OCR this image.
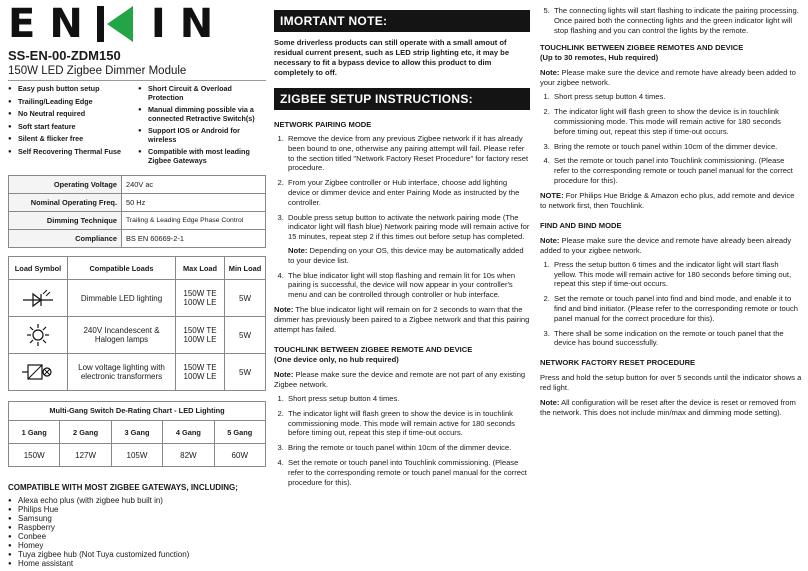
EN IN
SS-EN-00-ZDM150
150W LED Zigbee Dimmer Module
● Easy push button setup
● Trailing/Leading Edge
● No Neutral required
● Soft start feature
● Silent & flicker free
● Self Recovering Thermal Fuse
● Short Circuit & Overload Protection
● Manual dimming possible via a connected Retractive Switch(s)
● Support IOS or Android for wireless
● Compatible with most leading Zigbee Gateways
Operating Voltage	240V ac
Nominal Operating Freq.	50 Hz
Dimming Technique	Trailing & Leading Edge Phase Control
Compliance	BS EN 60669-2-1
Load Symbol	Compatible Loads	Max Load	Min Load

	Dimmable LED lighting	150W TE
100W LE	5W

	240V Incandescent & Halogen lamps	150W TE
100W LE	5W

	Low voltage lighting with electronic transformers	150W TE
100W LE	5W
Multi-Gang Switch De-Rating Chart - LED Lighting
1 Gang	2 Gang	3 Gang	4 Gang	5 Gang
150W	127W	105W	82W	60W
COMPATIBLE WITH MOST ZIGBEE GATEWAYS, INCLUDING;
● Alexa echo plus (with zigbee hub built in)
● Philips Hue
● Samsung
● Raspberry
● Conbee
● Homey
● Tuya zigbee hub (Not Tuya customized function)
● Home assistant
IMORTANT NOTE:
Some driverless products can still operate with a small amout of residual current present, such as LED strip lighting etc, it may be necessary to fit a bypass device to allow this product to dim completely to off.
ZIGBEE SETUP INSTRUCTIONS:
NETWORK PAIRING MODE
1. Remove the device from any previous Zigbee network if it has already been bound to one, otherwise any pairing attempt will fail. Please refer to the section titled "Network Factory Reset Procedure" for factory reset procedure.
2. From your Zigbee controller or Hub interface, choose add lighting device or dimmer device and enter Pairing Mode as instructed by the controller.
3. Double press setup button to activate the network pairing mode (The indicator light will flash blue) Network pairing mode will remain active for 15 minutes, repeat step 2 if this times out before setup has completed.
Note: Depending on your OS, this device may be automatically added to your device list.
4. The blue indicator light will stop flashing and remain lit for 10s when pairing is successful, the device will now appear in your controller's menu and can be controlled through controller or hub interface.
Note: The blue indicator light will remain on for 2 seconds to warn that the dimmer has previously been paired to a Zigbee network and that this pairing attempt has failed.
TOUCHLINK BETWEEN ZIGBEE REMOTE AND DEVICE
(One device only, no hub required)
Note: Please make sure the device and remote are not part of any existing Zigbee network.
1. Short press setup button 4 times.
2. The indicator light will flash green to show the device is in touchlink commissioning mode. This mode will remain active for 180 seconds before timing out, repeat this step if time-out occurs.
3. Bring the remote or touch panel within 10cm of the dimmer device.
4. Set the remote or touch panel into Touchlink commissioning. (Please refer to the corresponding remote or touch panel manual for the correct procedure for this).
5. The connecting lights will start flashing to indicate the pairing processing. Once paired both the connecting lights and the green indicator light will stop flashing and you can control the lights by the remote.
TOUCHLINK BETWEEN ZIGBEE REMOTES AND DEVICE
(Up to 30 remotes, Hub required)
Note: Please make sure the device and remote have already been added to your zigbee network.
1. Short press setup button 4 times.
2. The indicator light will flash green to show the device is in touchlink commissioning mode. This mode will remain active for 180 seconds before timing out, repeat this step if time-out occurs.
3. Bring the remote or touch panel within 10cm of the dimmer device.
4. Set the remote or touch panel into Touchlink commissioning. (Please refer to the corresponding remote or touch panel manual for the correct procedure for this).
NOTE: For Philips Hue Bridge & Amazon echo plus, add remote and device to network first, then Touchlink.
FIND AND BIND MODE
Note: Please make sure the device and remote have already been already added to your zigbee network.
1. Press the setup button 6 times and the indicator light will start flash yellow. This mode will remain active for 180 seconds before timing out, repeat this step if time-out occurs.
2. Set the remote or touch panel into find and bind mode, and enable it to find and bind initiator. (Please refer to the corresponding remote or touch panel manual for the correct procedure for this).
3. There shall be some indication on the remote or touch panel that the device has bound successfully.
NETWORK FACTORY RESET PROCEDURE
Press and hold the setup button for over 5 seconds until the indicator shows a red light.
Note: All configuration will be reset after the device is reset or removed from the network. This does not include min/max and dimming mode setting).
